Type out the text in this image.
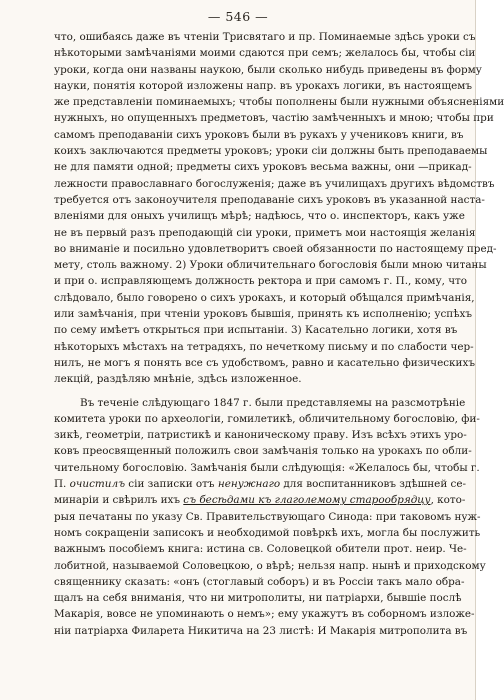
— 546 —
что, ошибаясь даже въ чтеніи Трисвятаго и пр. Поминаемые здѣсь уроки съ
нѣкоторыми замѣчаніями моими сдаются при семъ; желалось бы, чтобы сіи
уроки, когда они названы наукою, были сколько нибудь приведены въ форму
науки, понятія которой изложены напр. въ урокахъ логики, въ настоящемъ
же представленіи поминаемыхъ; чтобы пополнены были нужными объясненіями
нужныхъ, но опущенныхъ предметовъ, частію замѣченныхъ и мною; чтобы при
самомъ преподаваніи сихъ уроковъ были въ рукахъ у учениковъ книги, въ
коихъ заключаются предметы уроковъ; уроки сіи должны быть преподаваемы
не для памяти одной; предметы сихъ уроковъ весьма важны, они —прикад-
лежности православнаго богослуженія; даже въ училищахъ другихъ вѣдомствъ
требуется отъ законоучителя преподаваніе сихъ уроковъ въ указанной наста-
вленіями для оныхъ училищъ мѣрѣ; надѣюсь, что о. инспекторъ, какъ уже
не въ первый разъ преподающій сіи уроки, приметъ мои настоящія желанія
во вниманіе и посильно удовлетворитъ своей обязанности по настоящему пред-
мету, столь важному. 2) Уроки обличительнаго богословія были мною читаны
и при о. исправляющемъ должность ректора и при самомъ г. П., кому, что
слѣдовало, было говорено о сихъ урокахъ, и который обѣщался примѣчанія,
или замѣчанія, при чтеніи уроковъ бывшія, принять къ исполненію; успѣхъ
по сему имѣетъ открыться при испытаніи. 3) Касательно логики, хотя въ
нѣкоторыхъ мѣстахъ на тетрадяхъ, по нечеткому письму и по слабости чер-
нилъ, не могъ я понять все съ удобствомъ, равно и касательно физическихъ
лекцій, раздѣляю мнѣніе, здѣсь изложенное.
Въ теченіе слѣдующаго 1847 г. были представляемы на разсмотрѣніе
комитета уроки по археологіи, гомилетикѣ, обличительному богословію, фи-
зикѣ, геометріи, патристикѣ и каноническому праву. Изъ всѣхъ этихъ уро-
ковъ преосвященный положилъ свои замѣчанія только на урокахъ по обли-
чительному богословію. Замѣчанія были слѣдующія: «Желалось бы, чтобы г.
П. очистилъ сіи записки отъ ненужнаго для воспитанниковъ здѣшней се-
минаріи и свѣрилъ ихъ съ бесѣдами къ глаголемому старообрядцу, кото-
рыя печатаны по указу Св. Правительствующаго Синода: при таковомъ нуж-
номъ сокращеніи записокъ и необходимой повѣркѣ ихъ, могла бы послужить
важнымъ пособіемъ книга: истина св. Соловецкой обители прот. неир. Че-
лобитной, называемой Соловецкою, о вѣрѣ; нельзя напр. нынѣ и приходскому
священнику сказать: «онъ (стоглавый соборъ) и въ Россіи такъ мало обра-
щалъ на себя вниманія, что ни митрополиты, ни патріархи, бывшіе послѣ
Макарія, вовсе не упоминають о немъ»; ему укажутъ въ соборномъ изложе-
ніи патріарха Филарета Никитича на 23 листѣ: И Макарія митрополита въ
